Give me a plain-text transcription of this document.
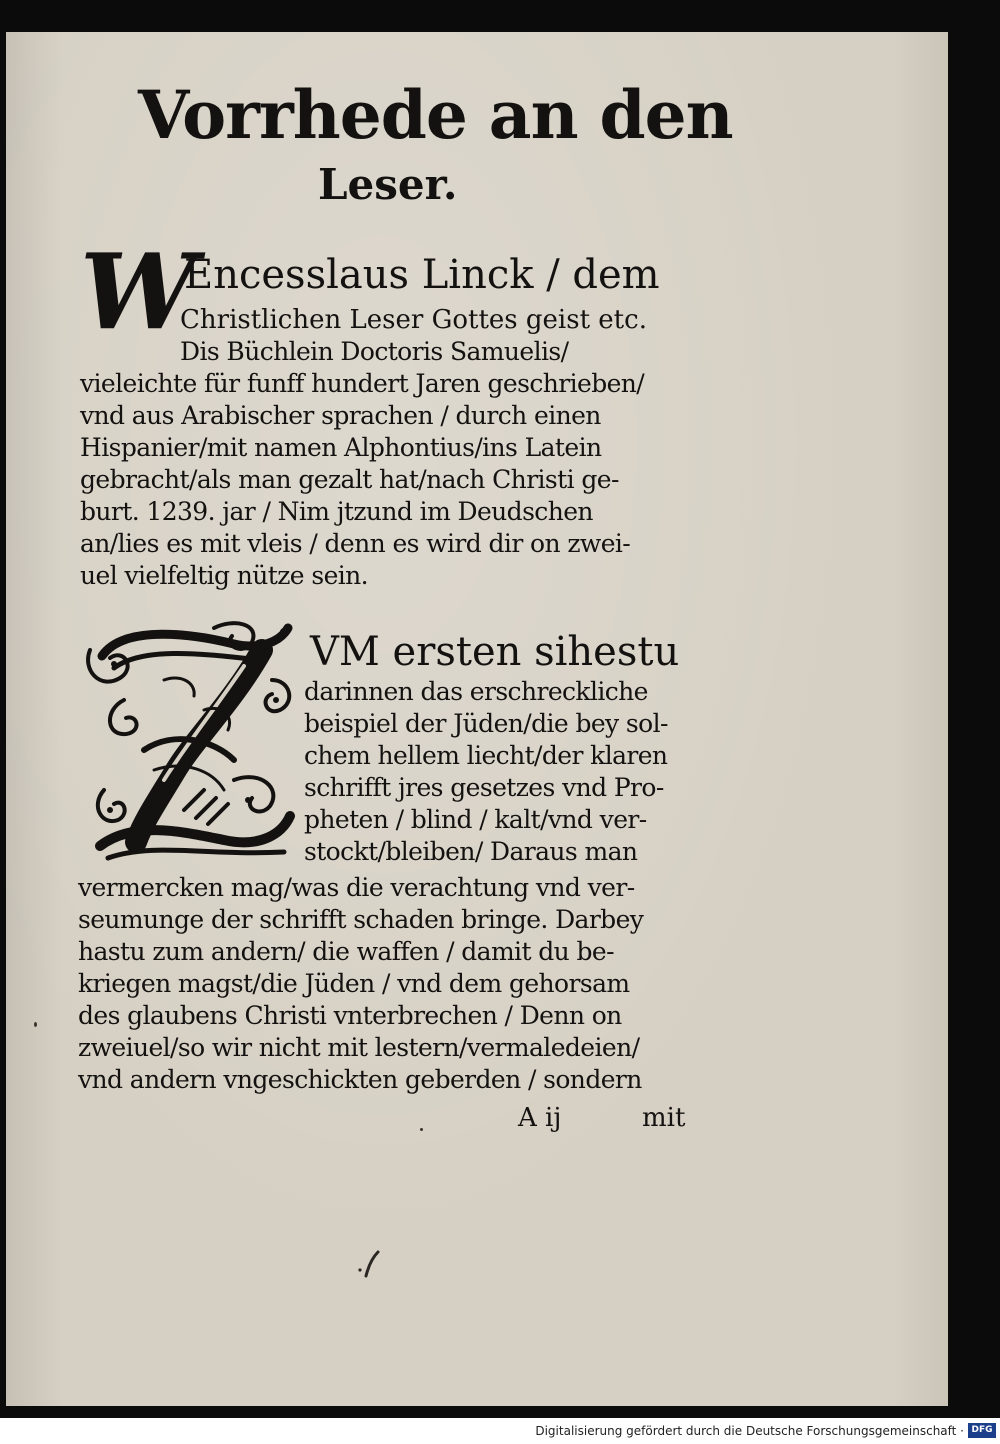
Vorrhede an den
Leser.
W
Encesslaus Linck / dem
Christlichen Leser Gottes geist etc.
Dis Büchlein Doctoris Samuelis/
vieleichte für funff hundert Jaren geschrieben/
vnd aus Arabischer sprachen / durch einen
Hispanier/mit namen Alphontius/ins Latein
gebracht/als man gezalt hat/nach Christi ge-
burt. 1239. jar / Nim jtzund im Deudschen
an/lies es mit vleis / denn es wird dir on zwei-
uel vielfeltig nütze sein.
VM ersten sihestu
darinnen das erschreckliche
beispiel der Jüden/die bey sol-
chem hellem liecht/der klaren
schrifft jres gesetzes vnd Pro-
pheten / blind / kalt/vnd ver-
stockt/bleiben/ Daraus man
vermercken mag/was die verachtung vnd ver-
seumunge der schrifft schaden bringe. Darbey
hastu zum andern/ die waffen / damit du be-
kriegen magst/die Jüden / vnd dem gehorsam
des glaubens Christi vnterbrechen / Denn on
zweiuel/so wir nicht mit lestern/vermaledeien/
vnd andern vngeschickten geberden / sondern
A ij	mit
Digitalisierung gefördert durch die Deutsche Forschungsgemeinschaft · DFG
